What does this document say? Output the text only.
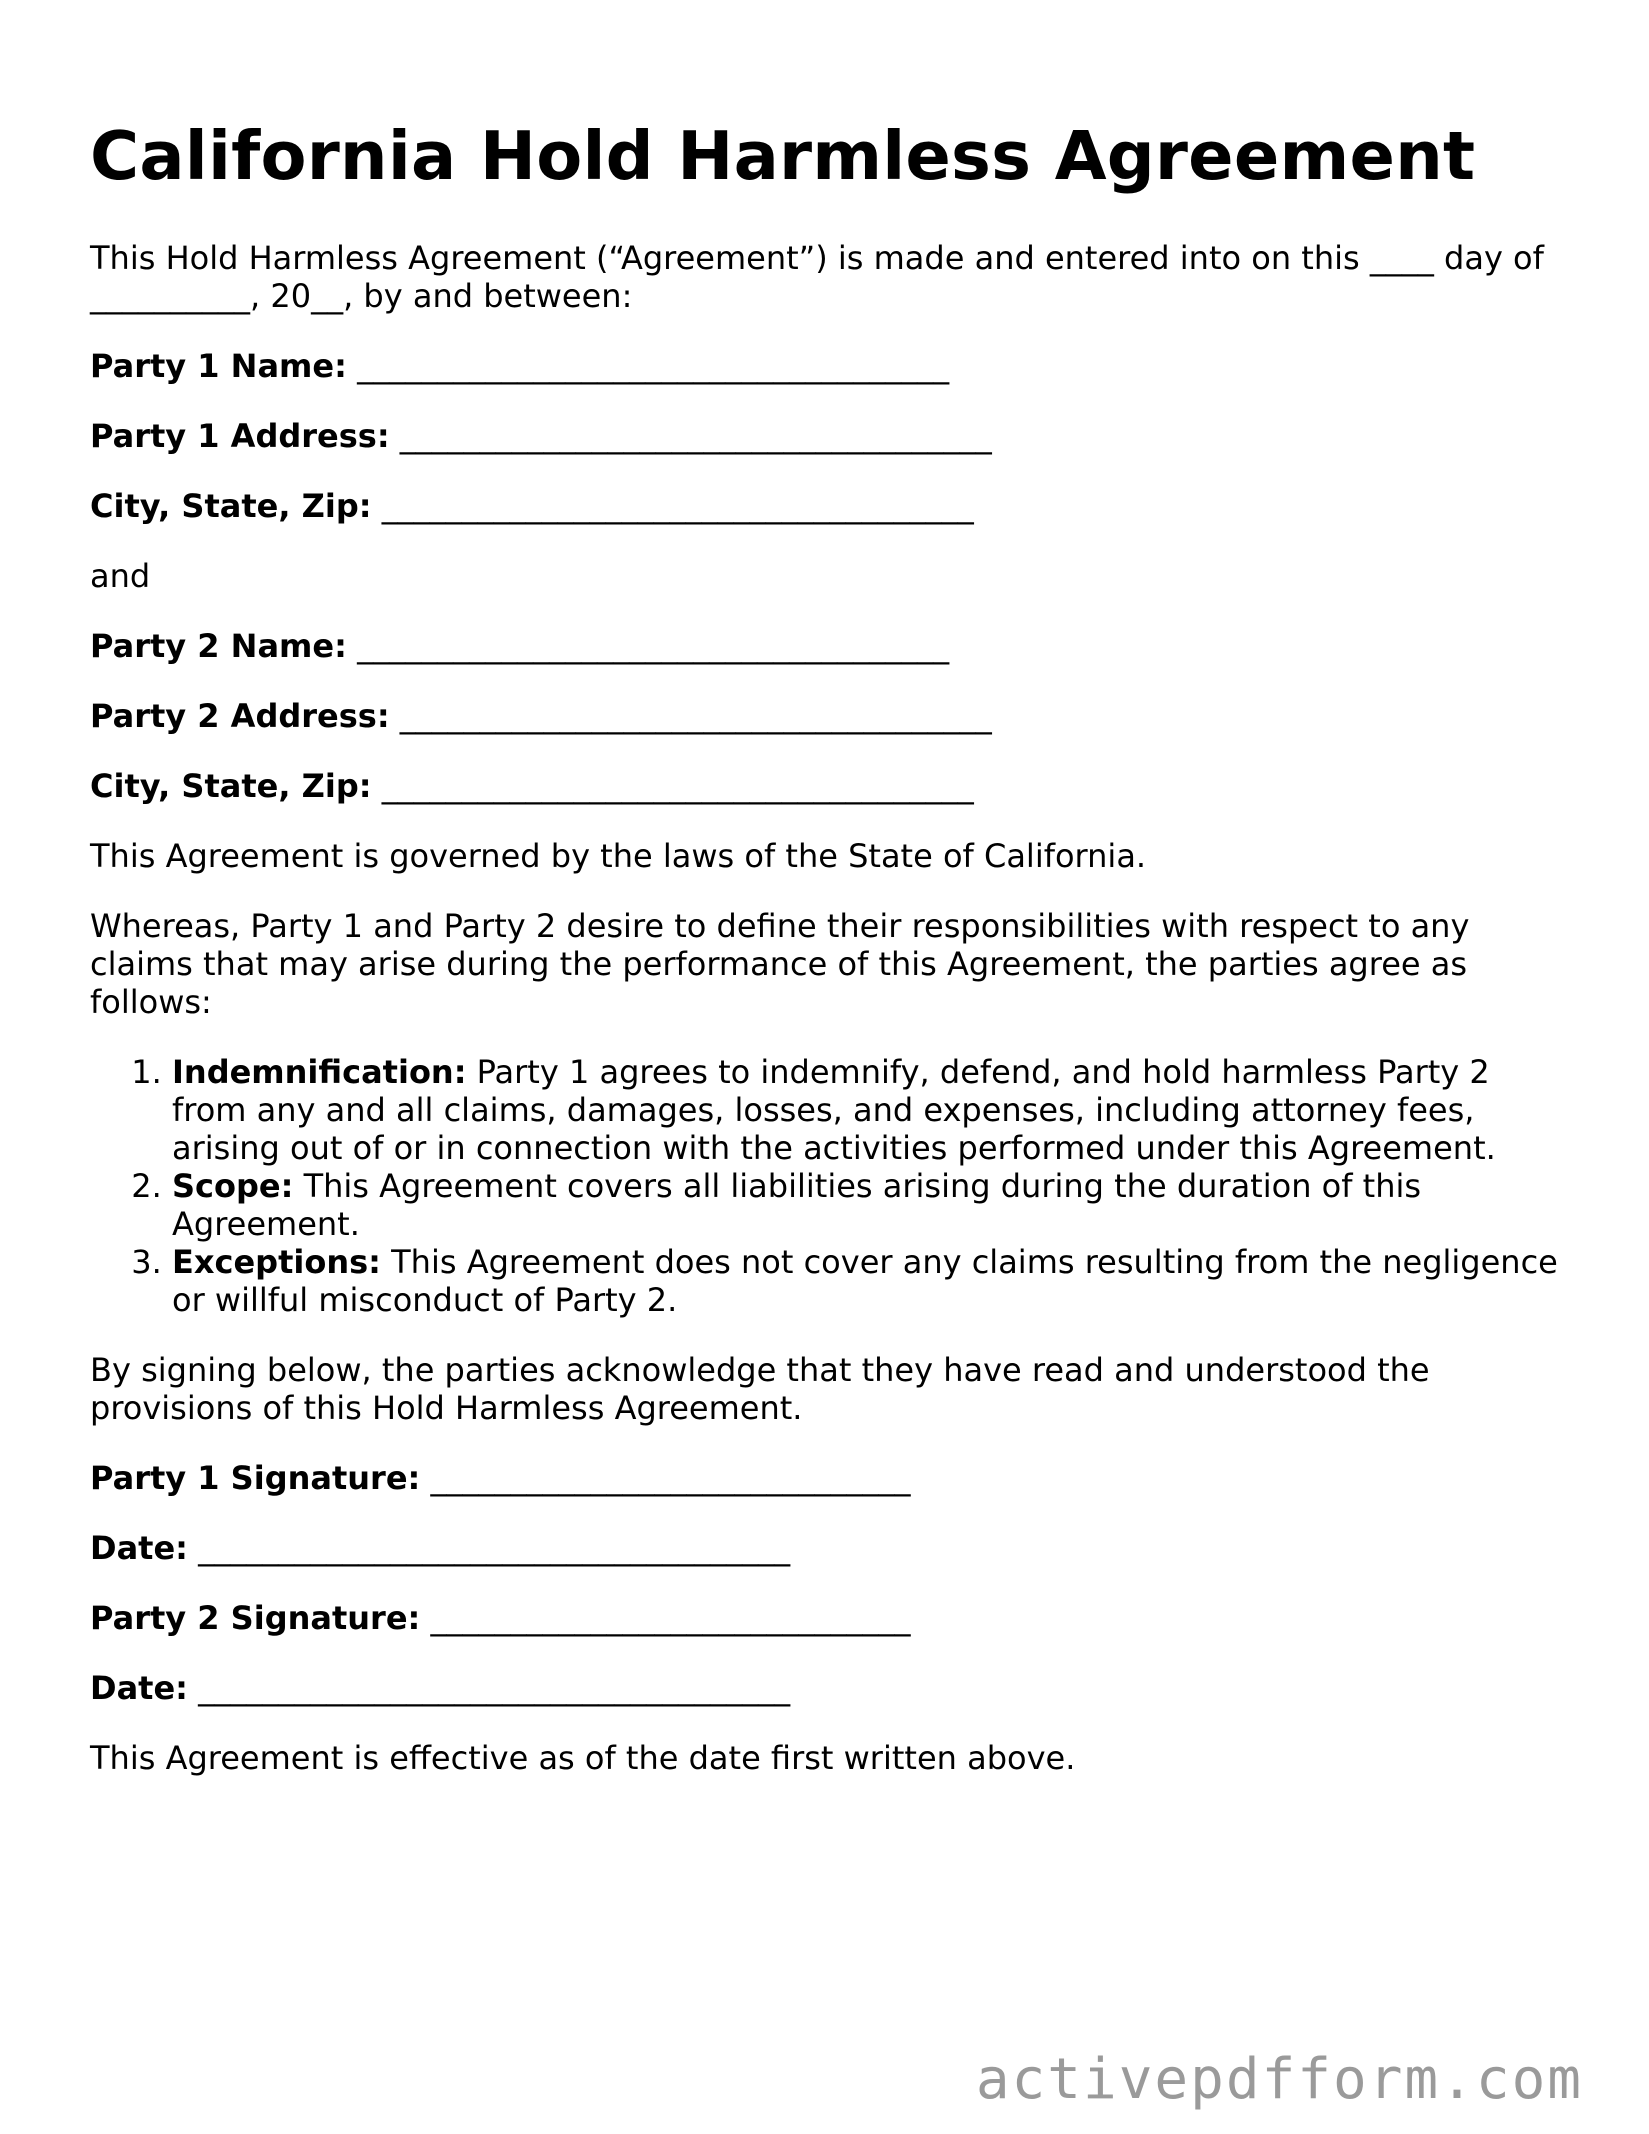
California Hold Harmless Agreement

This Hold Harmless Agreement (“Agreement”) is made and entered into on this ____ day of __________, 20__, by and between:

Party 1 Name: _____________________________________
Party 1 Address: _____________________________________
City, State, Zip: _____________________________________

and

Party 2 Name: _____________________________________
Party 2 Address: _____________________________________
City, State, Zip: _____________________________________

This Agreement is governed by the laws of the State of California.

Whereas, Party 1 and Party 2 desire to define their responsibilities with respect to any claims that may arise during the performance of this Agreement, the parties agree as follows:

1. Indemnification: Party 1 agrees to indemnify, defend, and hold harmless Party 2 from any and all claims, damages, losses, and expenses, including attorney fees, arising out of or in connection with the activities performed under this Agreement.
2. Scope: This Agreement covers all liabilities arising during the duration of this Agreement.
3. Exceptions: This Agreement does not cover any claims resulting from the negligence or willful misconduct of Party 2.

By signing below, the parties acknowledge that they have read and understood the provisions of this Hold Harmless Agreement.

Party 1 Signature: ______________________________
Date: _____________________________________
Party 2 Signature: ______________________________
Date: _____________________________________

This Agreement is effective as of the date first written above.

activepdfform.com
